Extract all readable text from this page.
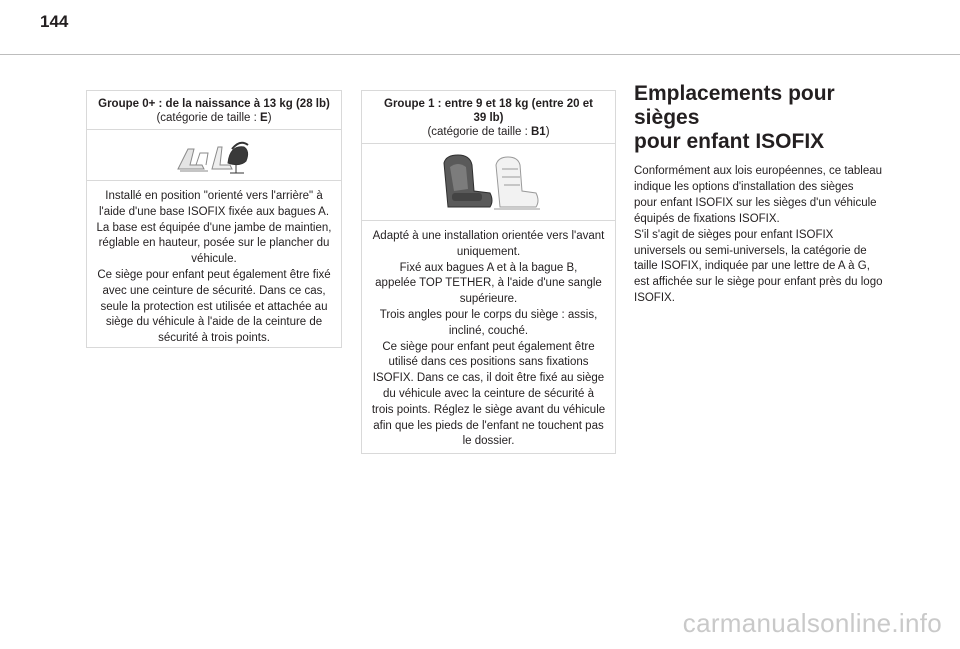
144
Groupe 0+ : de la naissance à 13 kg (28 lb)
(catégorie de taille : E)
Installé en position "orienté vers l'arrière" à
l'aide d'une base ISOFIX fixée aux bagues A.
La base est équipée d'une jambe de maintien,
réglable en hauteur, posée sur le plancher du
véhicule.
Ce siège pour enfant peut également être fixé
avec une ceinture de sécurité. Dans ce cas,
seule la protection est utilisée et attachée au
siège du véhicule à l'aide de la ceinture de
sécurité à trois points.
Groupe 1 : entre 9 et 18 kg (entre 20 et
39 lb)
(catégorie de taille : B1)
Adapté à une installation orientée vers l'avant
uniquement.
Fixé aux bagues A et à la bague B,
appelée TOP TETHER, à l'aide d'une sangle
supérieure.
Trois angles pour le corps du siège : assis,
incliné, couché.
Ce siège pour enfant peut également être
utilisé dans ces positions sans fixations
ISOFIX. Dans ce cas, il doit être fixé au siège
du véhicule avec la ceinture de sécurité à
trois points. Réglez le siège avant du véhicule
afin que les pieds de l'enfant ne touchent pas
le dossier.
Emplacements pour sièges
pour enfant ISOFIX

Conformément aux lois européennes, ce tableau
indique les options d'installation des sièges
pour enfant ISOFIX sur les sièges d'un véhicule
équipés de fixations ISOFIX.
S'il s'agit de sièges pour enfant ISOFIX
universels ou semi-universels, la catégorie de
taille ISOFIX, indiquée par une lettre de A à G,
est affichée sur le siège pour enfant près du logo
ISOFIX.

carmanualsonline.info
